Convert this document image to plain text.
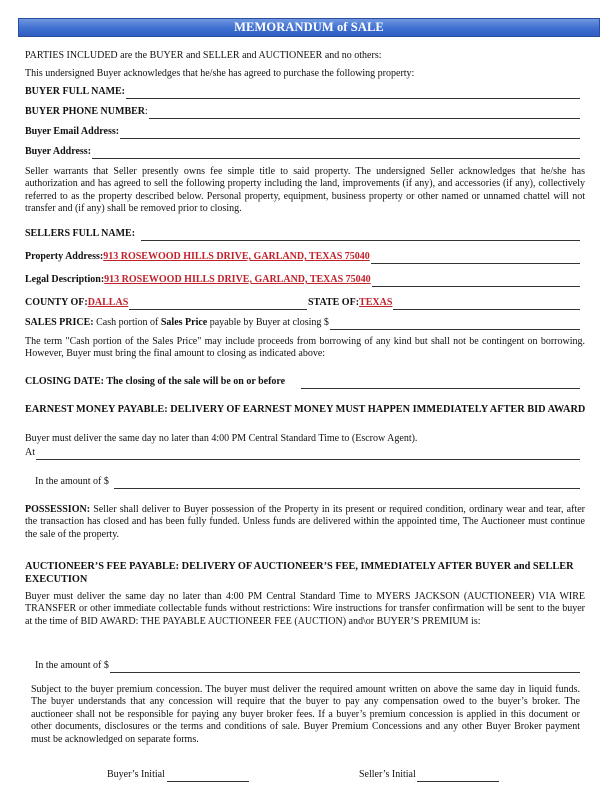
MEMORANDUM of SALE
PARTIES INCLUDED are the BUYER and SELLER and AUCTIONEER and no others:
This undersigned Buyer acknowledges that he/she has agreed to purchase the following property:
BUYER FULL NAME:
BUYER PHONE NUMBER :
Buyer Email Address:
Buyer Address:
Seller warrants that Seller presently owns fee simple title to said property. The undersigned Seller acknowledges that he/she has authorization and has agreed to sell the following property including the land, improvements (if any), and accessories (if any), collectively referred to as the property described below. Personal property, equipment, business property or other named or unnamed chattel will not transfer and (if any) shall be removed prior to closing.
SELLERS FULL NAME:
Property Address: 913 ROSEWOOD HILLS DRIVE, GARLAND, TEXAS 75040
Legal Description: 913 ROSEWOOD HILLS DRIVE, GARLAND, TEXAS 75040
COUNTY OF: DALLAS	STATE OF: TEXAS
SALES PRICE: Cash portion of Sales Price payable by Buyer at closing $
The term "Cash portion of the Sales Price" may include proceeds from borrowing of any kind but shall not be contingent on borrowing. However, Buyer must bring the final amount to closing as indicated above:
CLOSING DATE: The closing of the sale will be on or before
EARNEST MONEY PAYABLE: DELIVERY OF EARNEST MONEY MUST HAPPEN IMMEDIATELY AFTER BID AWARD
Buyer must deliver the same day no later than 4:00 PM Central Standard Time to (Escrow Agent).
At
In the amount of $
POSSESSION: Seller shall deliver to Buyer possession of the Property in its present or required condition, ordinary wear and tear, after the transaction has closed and has been fully funded. Unless funds are delivered within the appointed time, The Auctioneer must continue the sale of the property.
AUCTIONEER’S FEE PAYABLE: DELIVERY OF AUCTIONEER’S FEE, IMMEDIATELY AFTER BUYER and SELLER EXECUTION
Buyer must deliver the same day no later than 4:00 PM Central Standard Time to MYERS JACKSON (AUCTIONEER) VIA WIRE TRANSFER or other immediate collectable funds without restrictions: Wire instructions for transfer confirmation will be sent to the buyer at the time of BID AWARD: THE PAYABLE AUCTIONEER FEE (AUCTION) and\or BUYER’S PREMIUM is:
In the amount of $
Subject to the buyer premium concession. The buyer must deliver the required amount written on above the same day in liquid funds. The buyer understands that any concession will require that the buyer to pay any compensation owed to the buyer’s broker. The auctioneer shall not be responsible for paying any buyer broker fees. If a buyer’s premium concession is applied in this document or other documents, disclosures or the terms and conditions of sale. Buyer Premium Concessions and any other Buyer Broker payment must be acknowledged on separate forms.
Buyer’s Initial	Seller’s Initial
